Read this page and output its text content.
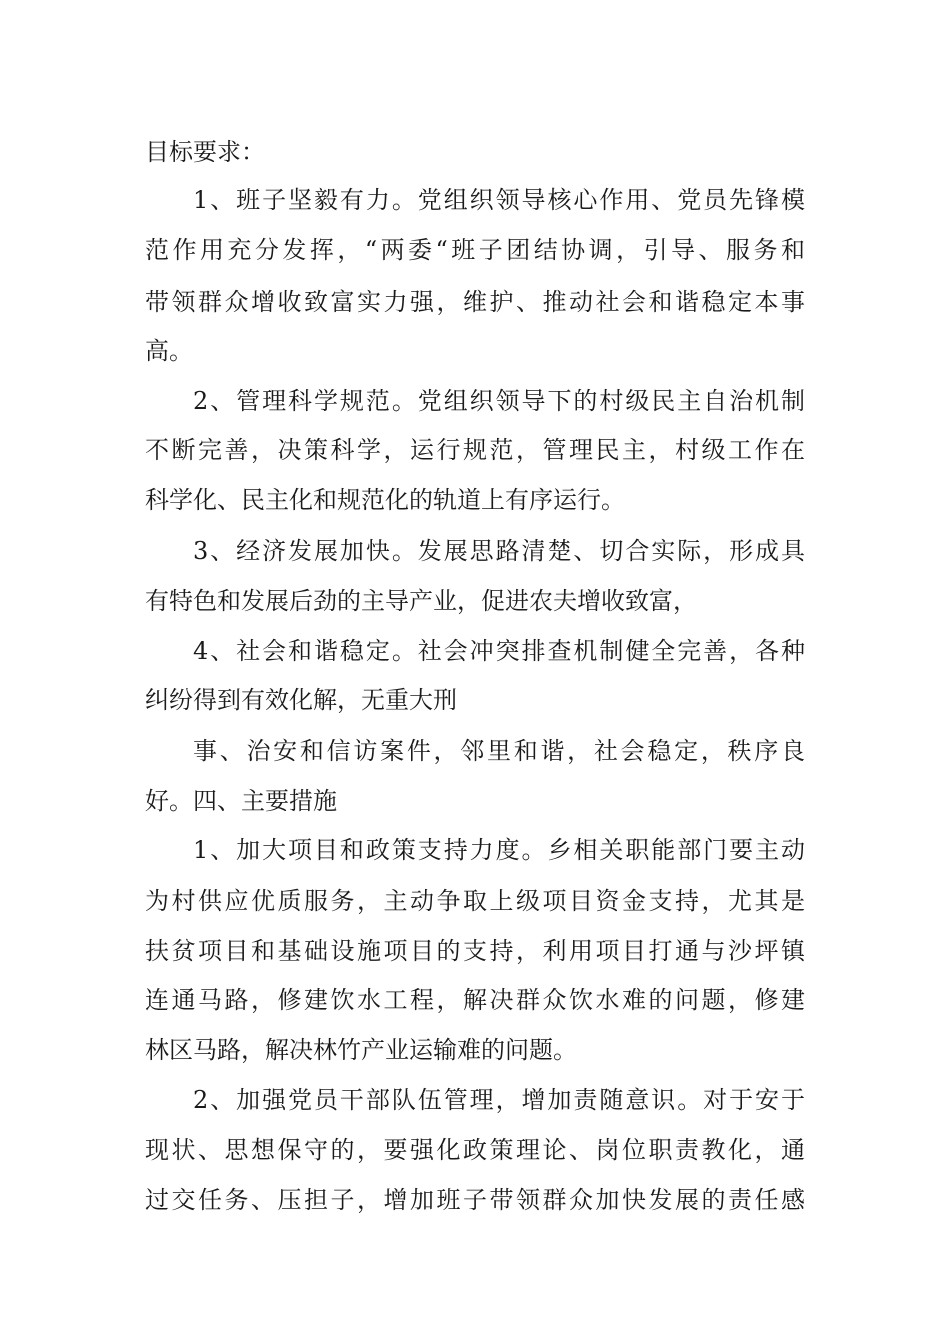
目标要求：
1、班子坚毅有力。党组织领导核心作用、党员先锋模
范作用充分发挥，“两委“班子团结协调，引导、服务和
带领群众增收致富实力强，维护、推动社会和谐稳定本事
高。
2、管理科学规范。党组织领导下的村级民主自治机制
不断完善，决策科学，运行规范，管理民主，村级工作在
科学化、民主化和规范化的轨道上有序运行。
3、经济发展加快。发展思路清楚、切合实际，形成具
有特色和发展后劲的主导产业，促进农夫增收致富，
4、社会和谐稳定。社会冲突排查机制健全完善，各种
纠纷得到有效化解，无重大刑
事、治安和信访案件，邻里和谐，社会稳定，秩序良
好。四、主要措施
1、加大项目和政策支持力度。乡相关职能部门要主动
为村供应优质服务，主动争取上级项目资金支持，尤其是
扶贫项目和基础设施项目的支持，利用项目打通与沙坪镇
连通马路，修建饮水工程，解决群众饮水难的问题，修建
林区马路，解决林竹产业运输难的问题。
2、加强党员干部队伍管理，增加责随意识。对于安于
现状、思想保守的，要强化政策理论、岗位职责教化，通
过交任务、压担子，增加班子带领群众加快发展的责任感
